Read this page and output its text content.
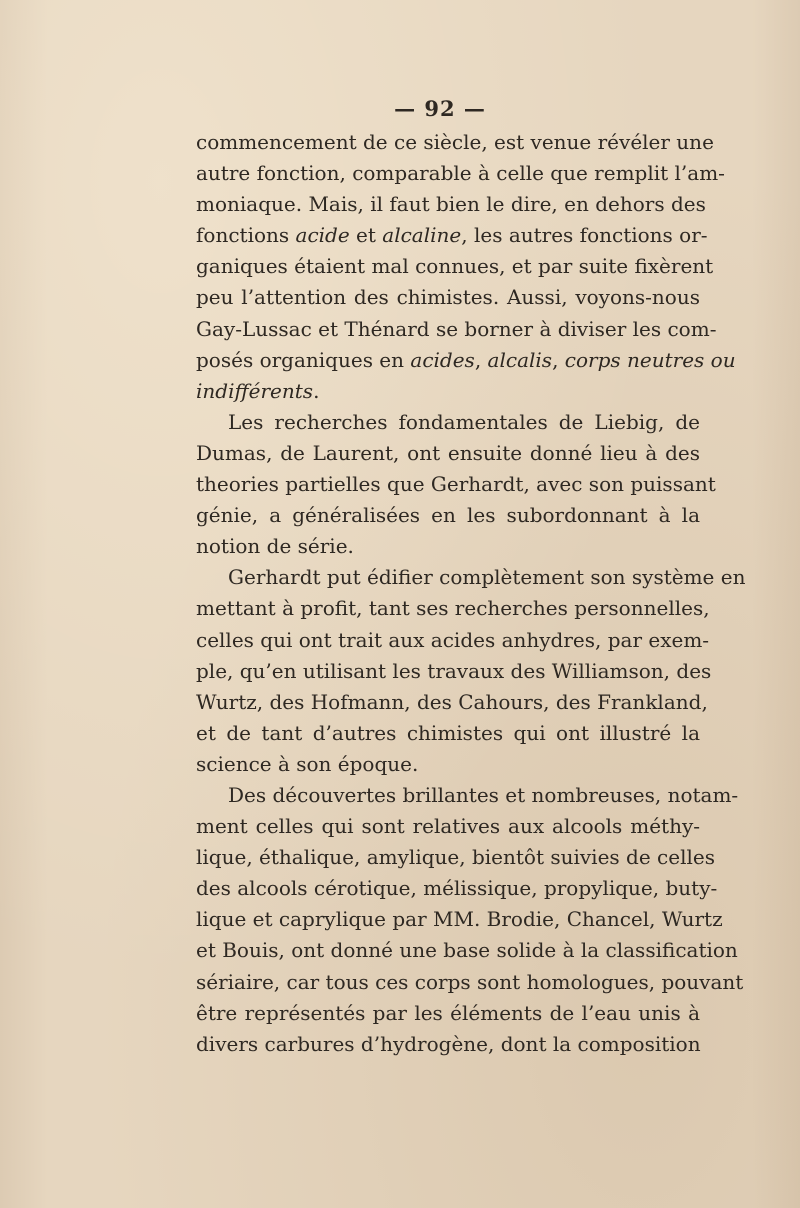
— 92 —
commencement de ce siècle, est venue révéler une
autre fonction, comparable à celle que remplit l’am-
moniaque. Mais, il faut bien le dire, en dehors des
fonctions acide et alcaline, les autres fonctions or-
ganiques étaient mal connues, et par suite fixèrent
peu l’attention des chimistes. Aussi, voyons-nous
Gay-Lussac et Thénard se borner à diviser les com-
posés organiques en acides, alcalis, corps neutres ou
indifférents.
Les recherches fondamentales de Liebig, de
Dumas, de Laurent, ont ensuite donné lieu à des
theories partielles que Gerhardt, avec son puissant
génie, a généralisées en les subordonnant à la
notion de série.
Gerhardt put édifier complètement son système en
mettant à profit, tant ses recherches personnelles,
celles qui ont trait aux acides anhydres, par exem-
ple, qu’en utilisant les travaux des Williamson, des
Wurtz, des Hofmann, des Cahours, des Frankland,
et de tant d’autres chimistes qui ont illustré la
science à son époque.
Des découvertes brillantes et nombreuses, notam-
ment celles qui sont relatives aux alcools méthy-
lique, éthalique, amylique, bientôt suivies de celles
des alcools cérotique, mélissique, propylique, buty-
lique et caprylique par MM. Brodie, Chancel, Wurtz
et Bouis, ont donné une base solide à la classification
sériaire, car tous ces corps sont homologues, pouvant
être représentés par les éléments de l’eau unis à
divers carbures d’hydrogène, dont la composition
